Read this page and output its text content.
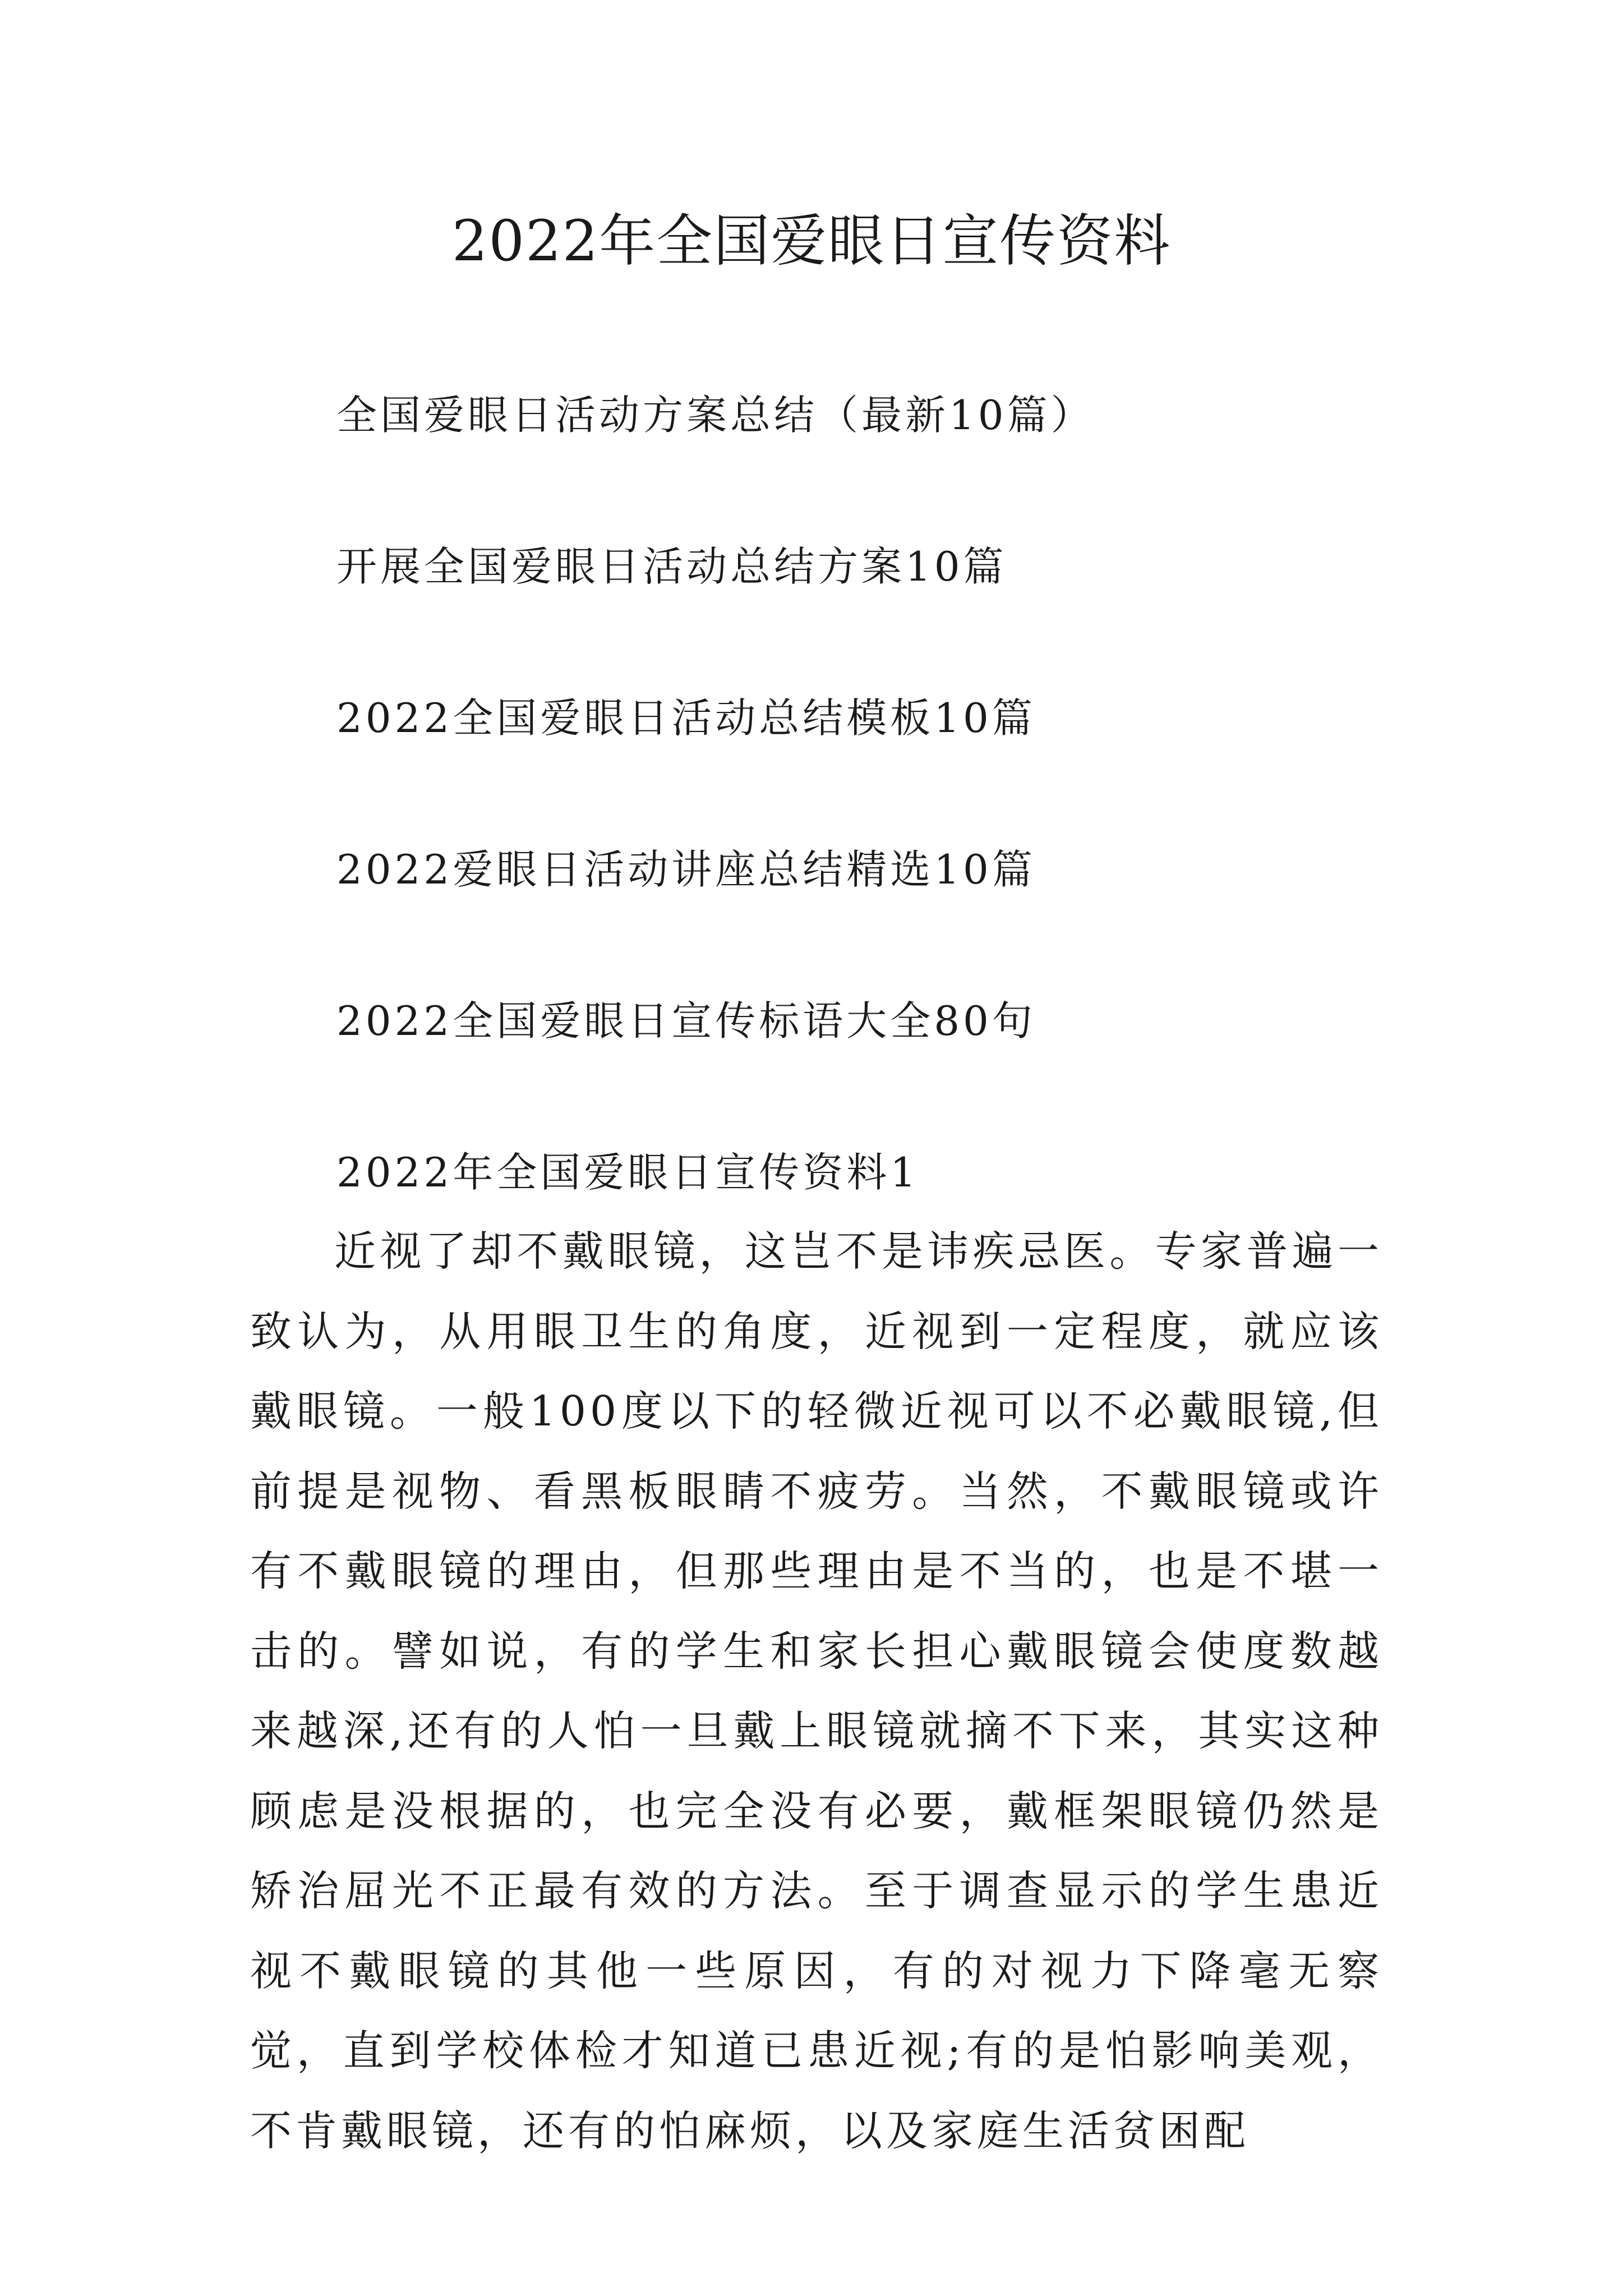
2022年全国爱眼日宣传资料
全国爱眼日活动方案总结（最新10篇）
开展全国爱眼日活动总结方案10篇
2022全国爱眼日活动总结模板10篇
2022爱眼日活动讲座总结精选10篇
2022全国爱眼日宣传标语大全80句
2022年全国爱眼日宣传资料1

近视了却不戴眼镜，这岂不是讳疾忌医。专家普遍一致认为，从用眼卫生的角度，近视到一定程度，就应该戴眼镜。一般100度以下的轻微近视可以不必戴眼镜,但前提是视物、看黑板眼睛不疲劳。当然，不戴眼镜或许有不戴眼镜的理由，但那些理由是不当的，也是不堪一击的。譬如说，有的学生和家长担心戴眼镜会使度数越来越深,还有的人怕一旦戴上眼镜就摘不下来，其实这种顾虑是没根据的，也完全没有必要，戴框架眼镜仍然是矫治屈光不正最有效的方法。至于调查显示的学生患近视不戴眼镜的其他一些原因，有的对视力下降毫无察觉，直到学校体检才知道已患近视;有的是怕影响美观，不肯戴眼镜，还有的怕麻烦，以及家庭生活贫困配
